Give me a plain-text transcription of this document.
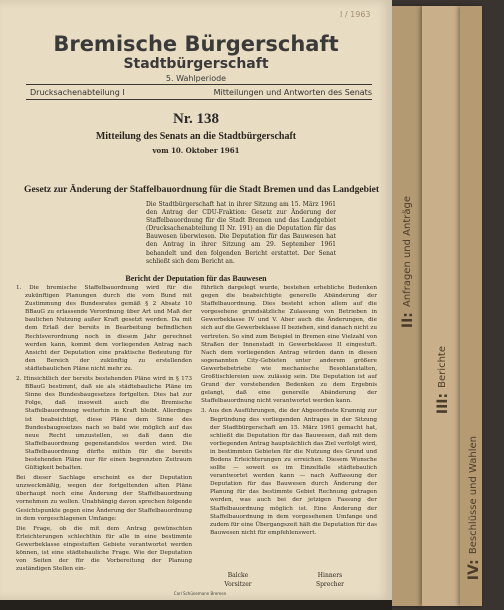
II: Anfragen und Anträge
III: Berichte
IV: Beschlüsse und Wahlen
I / 1963
Bremische Bürgerschaft
Stadtbürgerschaft
5. Wahlperiode
Drucksachenabteilung I	Mitteilungen und Antworten des Senats
Nr. 138
Mitteilung des Senats an die Stadtbürgerschaft
vom 10. Oktober 1961
Gesetz zur Änderung der Staffelbauordnung für die Stadt Bremen und das Landgebiet
Die Stadtbürgerschaft hat in ihrer Sitzung am 15. März 1961 den Antrag der CDU-Fraktion: Gesetz zur Änderung der Staffelbauordnung für die Stadt Bremen und das Landgebiet (Drucksachenabteilung II Nr. 191) an die Deputation für das Bauwesen überwiesen. Die Deputation für das Bauwesen hat den Antrag in ihrer Sitzung am 29. September 1961 behandelt und den folgenden Bericht erstattet. Der Senat schließt sich dem Bericht an.
Bericht der Deputation für das Bauwesen

1. Die bremische Staffelbauordnung wird für die zukünftigen Planungen durch die vom Bund mit Zustimmung des Bundesrates gemäß § 2 Absatz 10 BBauG zu erlassende Verordnung über Art und Maß der baulichen Nutzung außer Kraft gesetzt werden. Da mit dem Erlaß der bereits in Bearbeitung befindlichen Rechtsverordnung noch in diesem Jahr gerechnet werden kann, kommt dem vorliegenden Antrag nach Ansicht der Deputation eine praktische Bedeutung für den Bereich der zukünftig zu erstellenden städtebaulichen Pläne nicht mehr zu.

2. Hinsichtlich der bereits bestehenden Pläne wird in § 173 BBauG bestimmt, daß sie als städtebauliche Pläne im Sinne des Bundesbaugesetzes fortgelten. Dies hat zur Folge, daß insoweit auch die Bremische Staffelbauordnung weiterhin in Kraft bleibt. Allerdings ist beabsichtigt, diese Pläne dem Sinne des Bundesbaugesetzes nach so bald wie möglich auf das neue Recht umzustellen, so daß dann die Staffelbauordnung gegenstandslos werden wird. Die Staffelbauordnung dürfte mithin für die bereits bestehenden Pläne nur für einen begrenzten Zeitraum Gültigkeit behalten.

Bei dieser Sachlage erscheint es der Deputation unzweckmäßig, wegen der fortgeltenden alten Pläne überhaupt noch eine Änderung der Staffelbauordnung vornehmen zu wollen. Unabhängig davon sprechen folgende Gesichtspunkte gegen eine Änderung der Staffelbauordnung in dem vorgeschlagenen Umfange:

Die Frage, ob die mit dem Antrag gewünschten Erleichterungen schlechthin für alle in eine bestimmte Gewerbeklasse eingestuften Gebiete verantwortet werden können, ist eine städtebauliche Frage. Wie der Deputation von Seiten der für die Vorbereitung der Planung zuständigen Stellen ein-

führlich dargelegt wurde, bestehen erhebliche Bedenken gegen die beabsichtigte generelle Abänderung der Staffelbauordnung. Dies besteht schon allem auf die vorgesehene grundsätzliche Zulassung von Betrieben in Gewerbeklasse IV und V. Aber auch die Änderungen, die sich auf die Gewerbeklasse II beziehen, sind danach nicht zu vertreten. So sind zum Beispiel in Bremen eine Vielzahl von Straßen der Innenstadt in Gewerbeklasse II eingestuft. Nach dem vorliegenden Antrag würden dann in diesen sogenannten City-Gebieten unter anderem größere Gewerbebetriebe wie mechanische Besohlanstalten, Großtischlereien usw. zulässig sein. Die Deputation ist auf Grund der vorstehenden Bedenken zu dem Ergebnis gelangt, daß eine generelle Abänderung der Staffelbauordnung nicht verantwortet werden kann.

3. Aus den Ausführungen, die der Abgeordnete Kramnig zur Begründung des vorliegenden Antrages in der Sitzung der Stadtbürgerschaft am 15. März 1961 gemacht hat, schließt die Deputation für das Bauwesen, daß mit dem vorliegenden Antrag hauptsächlich das Ziel verfolgt wird, in bestimmten Gebieten für die Nutzung des Grund und Bodens Erleichterungen zu erreichen. Diesem Wunsche sollte — soweit es im Einzelfalle städtebaulich verantwortet werden kann — nach Auffassung der Deputation für das Bauwesen durch Änderung der Planung für das bestimmte Gebiet Rechnung getragen werden, was auch bei der jetzigen Fassung der Staffelbauordnung möglich ist. Eine Änderung der Staffelbauordnung in dem vorgesehenen Umfange und zudem für eine Übergangszeit hält die Deputation für das Bauwesen nicht für empfehlenswert.

Balcke
Vorsitzer
Hinners
Sprecher
Carl Schünemann Bremen
